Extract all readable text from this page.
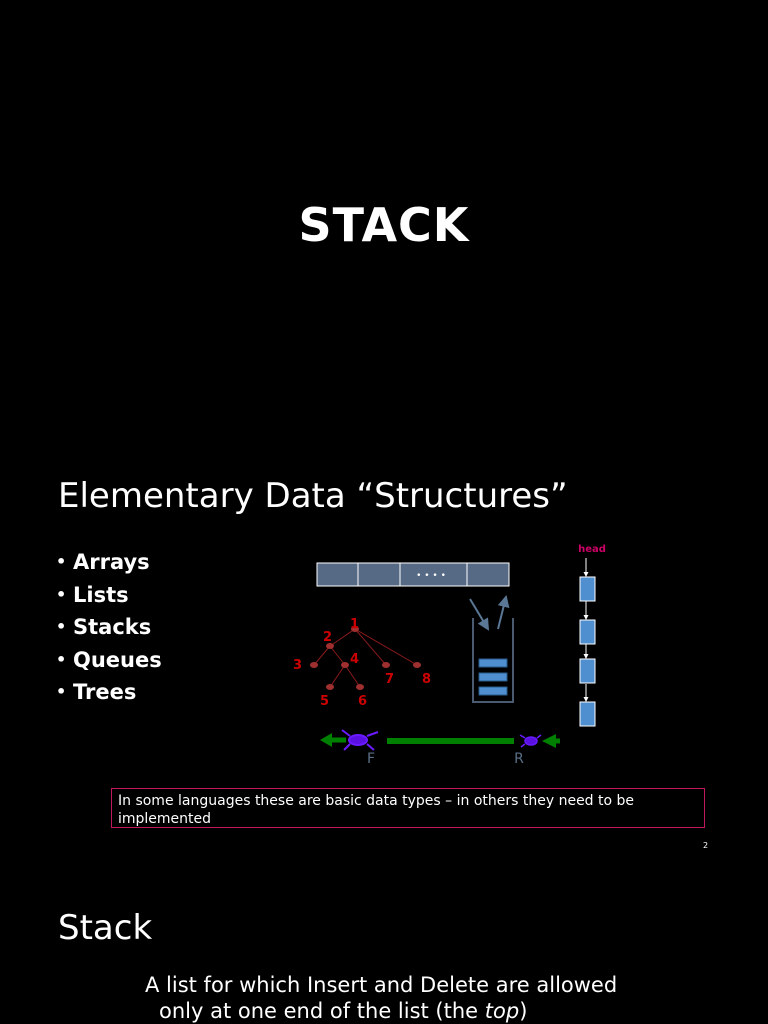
STACK
Elementary Data “Structures”
• Arrays
• Lists
• Stacks
• Queues
• Trees
• • • •
1
2
3	4
5 6
7 8
head
F	R
In some languages these are basic data types – in others they need to be implemented
2
Stack
A list for which Insert and Delete are allowed
only at one end of the list (the top)
